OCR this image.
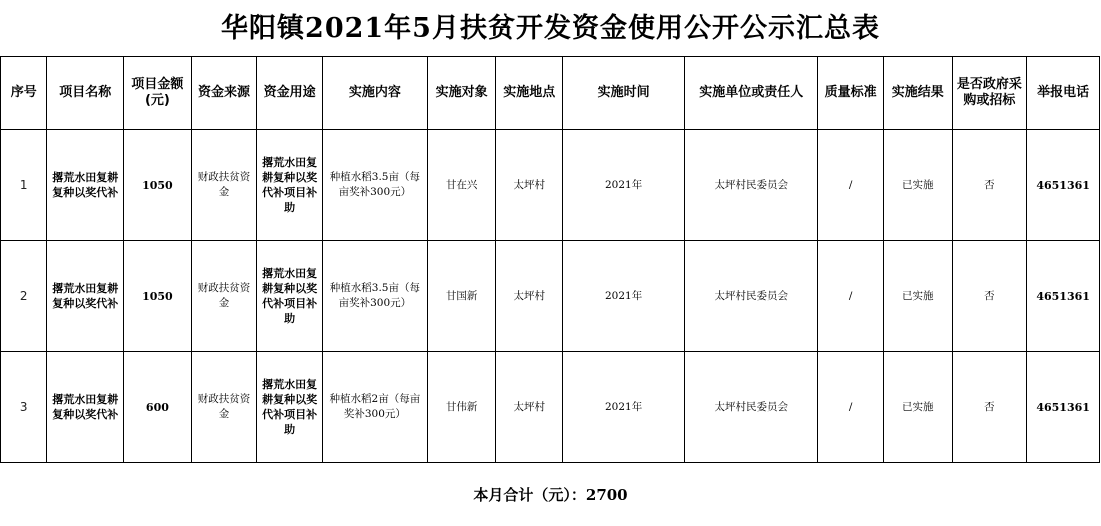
华阳镇2021年5月扶贫开发资金使用公开公示汇总表
序号	项目名称	项目金额(元)	资金来源	资金用途	实施内容	实施对象	实施地点	实施时间	实施单位或责任人	质量标准	实施结果	是否政府采购或招标	举报电话
1	撂荒水田复耕复种以奖代补	1050	财政扶贫资金	撂荒水田复耕复种以奖代补项目补助	种植水稻3.5亩（每亩奖补300元）	甘在兴	太坪村	2021年	太坪村民委员会	/	已实施	否	4651361
2	撂荒水田复耕复种以奖代补	1050	财政扶贫资金	撂荒水田复耕复种以奖代补项目补助	种植水稻3.5亩（每亩奖补300元）	甘国新	太坪村	2021年	太坪村民委员会	/	已实施	否	4651361
3	撂荒水田复耕复种以奖代补	600	财政扶贫资金	撂荒水田复耕复种以奖代补项目补助	种植水稻2亩（每亩奖补300元）	甘伟新	太坪村	2021年	太坪村民委员会	/	已实施	否	4651361
本月合计（元）：2700
